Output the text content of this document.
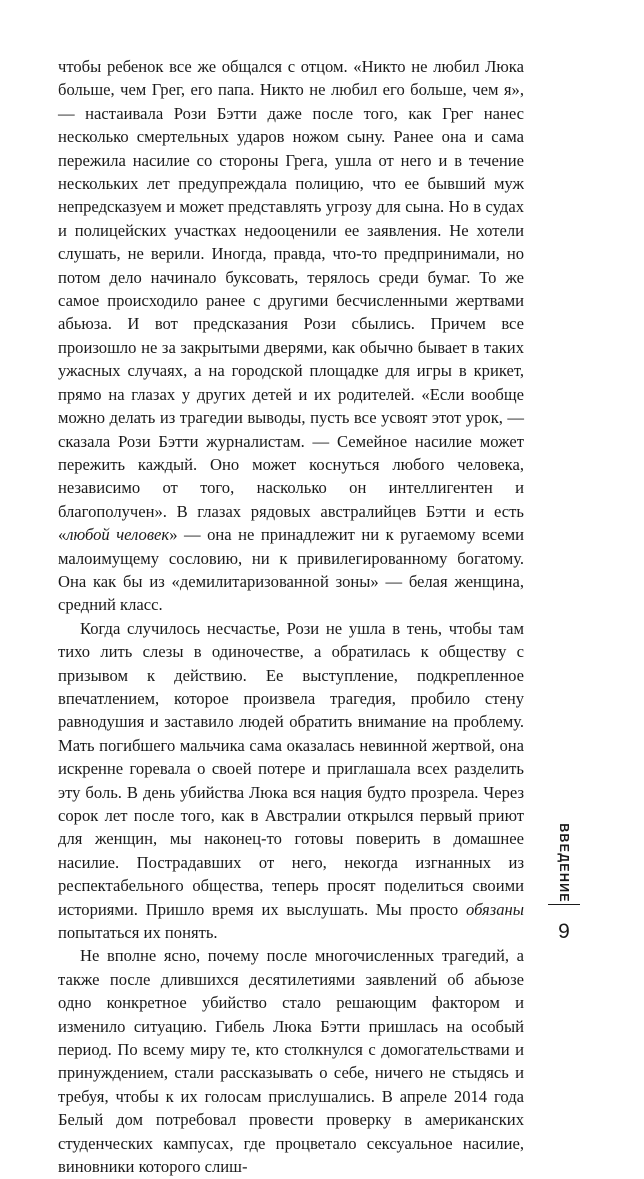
чтобы ребенок все же общался с отцом. «Никто не любил Люка больше, чем Грег, его папа. Никто не любил его больше, чем я», — настаивала Рози Бэтти даже после того, как Грег нанес несколько смертельных ударов ножом сыну. Ранее она и сама пережила насилие со стороны Грега, ушла от него и в течение нескольких лет предупреждала полицию, что ее бывший муж непредсказуем и может представлять угрозу для сына. Но в судах и полицейских участках недооценили ее заявления. Не хотели слушать, не верили. Иногда, правда, что-то предпринимали, но потом дело начинало буксовать, терялось среди бумаг. То же самое происходило ранее с другими бесчисленными жертвами абьюза. И вот предсказания Рози сбылись. Причем все произошло не за закрытыми дверями, как обычно бывает в таких ужасных случаях, а на городской площадке для игры в крикет, прямо на глазах у других детей и их родителей. «Если вообще можно делать из трагедии выводы, пусть все усвоят этот урок, — сказала Рози Бэтти журналистам. — Семейное насилие может пережить каждый. Оно может коснуться любого человека, независимо от того, насколько он интеллигентен и благополучен». В глазах рядовых австралийцев Бэтти и есть «любой человек» — она не принадлежит ни к ругаемому всеми малоимущему сословию, ни к привилегированному богатому. Она как бы из «демилитаризованной зоны» — белая женщина, средний класс.

Когда случилось несчастье, Рози не ушла в тень, чтобы там тихо лить слезы в одиночестве, а обратилась к обществу с призывом к действию. Ее выступление, подкрепленное впечатлением, которое произвела трагедия, пробило стену равнодушия и заставило людей обратить внимание на проблему. Мать погибшего мальчика сама оказалась невинной жертвой, она искренне горевала о своей потере и приглашала всех разделить эту боль. В день убийства Люка вся нация будто прозрела. Через сорок лет после того, как в Австралии открылся первый приют для женщин, мы наконец-то готовы поверить в домашнее насилие. Пострадавших от него, некогда изгнанных из респектабельного общества, теперь просят поделиться своими историями. Пришло время их выслушать. Мы просто обязаны попытаться их понять.

Не вполне ясно, почему после многочисленных трагедий, а также после длившихся десятилетиями заявлений об абьюзе одно конкретное убийство стало решающим фактором и изменило ситуацию. Гибель Люка Бэтти пришлась на особый период. По всему миру те, кто столкнулся с домогательствами и принуждением, стали рассказывать о себе, ничего не стыдясь и требуя, чтобы к их голосам прислушались. В апреле 2014 года Белый дом потребовал провести проверку в американских студенческих кампусах, где процветало сексуальное насилие, виновники которого слиш-

ВВЕДЕНИЕ
9
